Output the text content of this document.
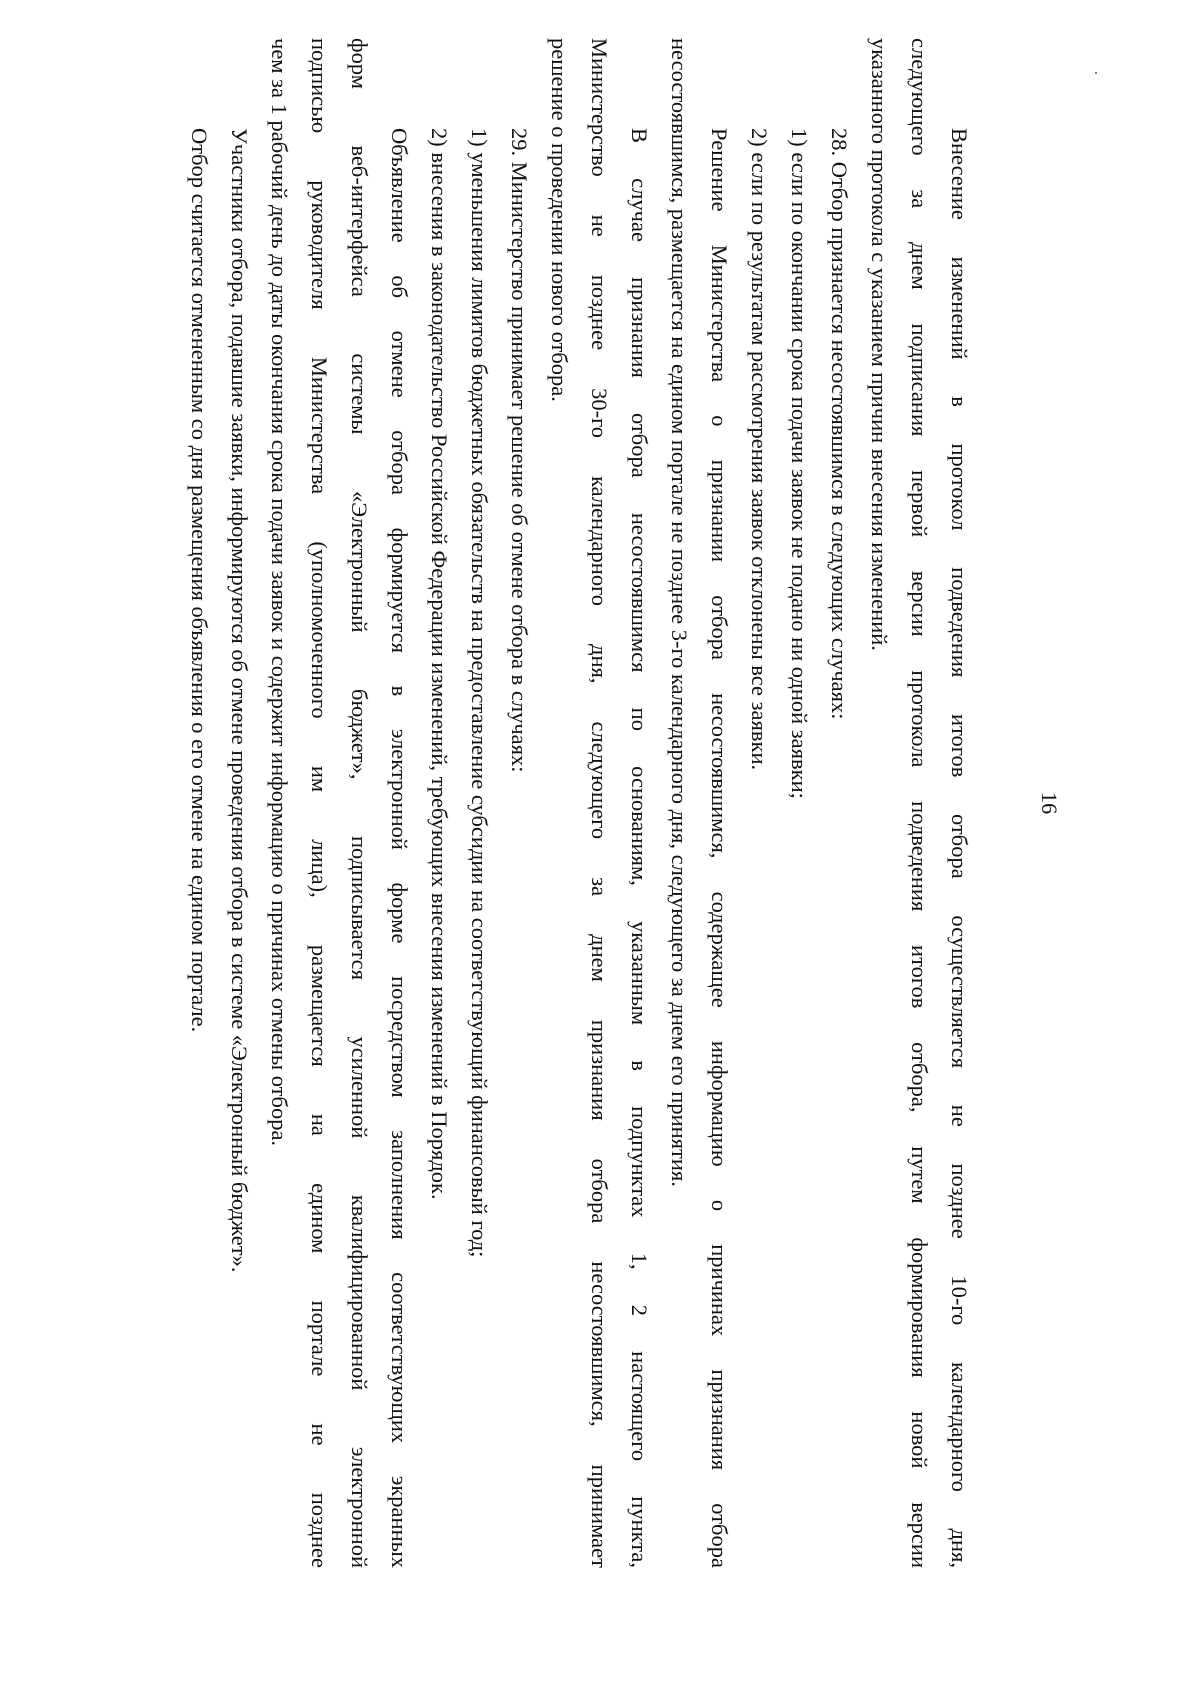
16
Внесение изменений в протокол подведения итогов отбора осуществляется не позднее 10-го календарного дня,
следующего за днем подписания первой версии протокола подведения итогов отбора, путем формирования новой версии
указанного протокола с указанием причин внесения изменений.
28. Отбор признается несостоявшимся в следующих случаях:
1) если по окончании срока подачи заявок не подано ни одной заявки;
2) если по результатам рассмотрения заявок отклонены все заявки.
Решение Министерства о признании отбора несостоявшимся, содержащее информацию о причинах признания отбора
несостоявшимся, размещается на едином портале не позднее 3-го календарного дня, следующего за днем его принятия.
В случае признания отбора несостоявшимся по основаниям, указанным в подпунктах 1, 2 настоящего пункта,
Министерство не позднее 30-го календарного дня, следующего за днем признания отбора несостоявшимся, принимает
решение о проведении нового отбора.
29. Министерство принимает решение об отмене отбора в случаях:
1) уменьшения лимитов бюджетных обязательств на предоставление субсидии на соответствующий финансовый год;
2) внесения в законодательство Российской Федерации изменений, требующих внесения изменений в Порядок.
Объявление об отмене отбора формируется в электронной форме посредством заполнения соответствующих экранных
форм веб-интерфейса системы «Электронный бюджет», подписывается усиленной квалифицированной электронной
подписью руководителя Министерства (уполномоченного им лица), размещается на едином портале не позднее
чем за 1 рабочий день до даты окончания срока подачи заявок и содержит информацию о причинах отмены отбора.
Участники отбора, подавшие заявки, информируются об отмене проведения отбора в системе «Электронный бюджет».
Отбор считается отмененным со дня размещения объявления о его отмене на едином портале.
